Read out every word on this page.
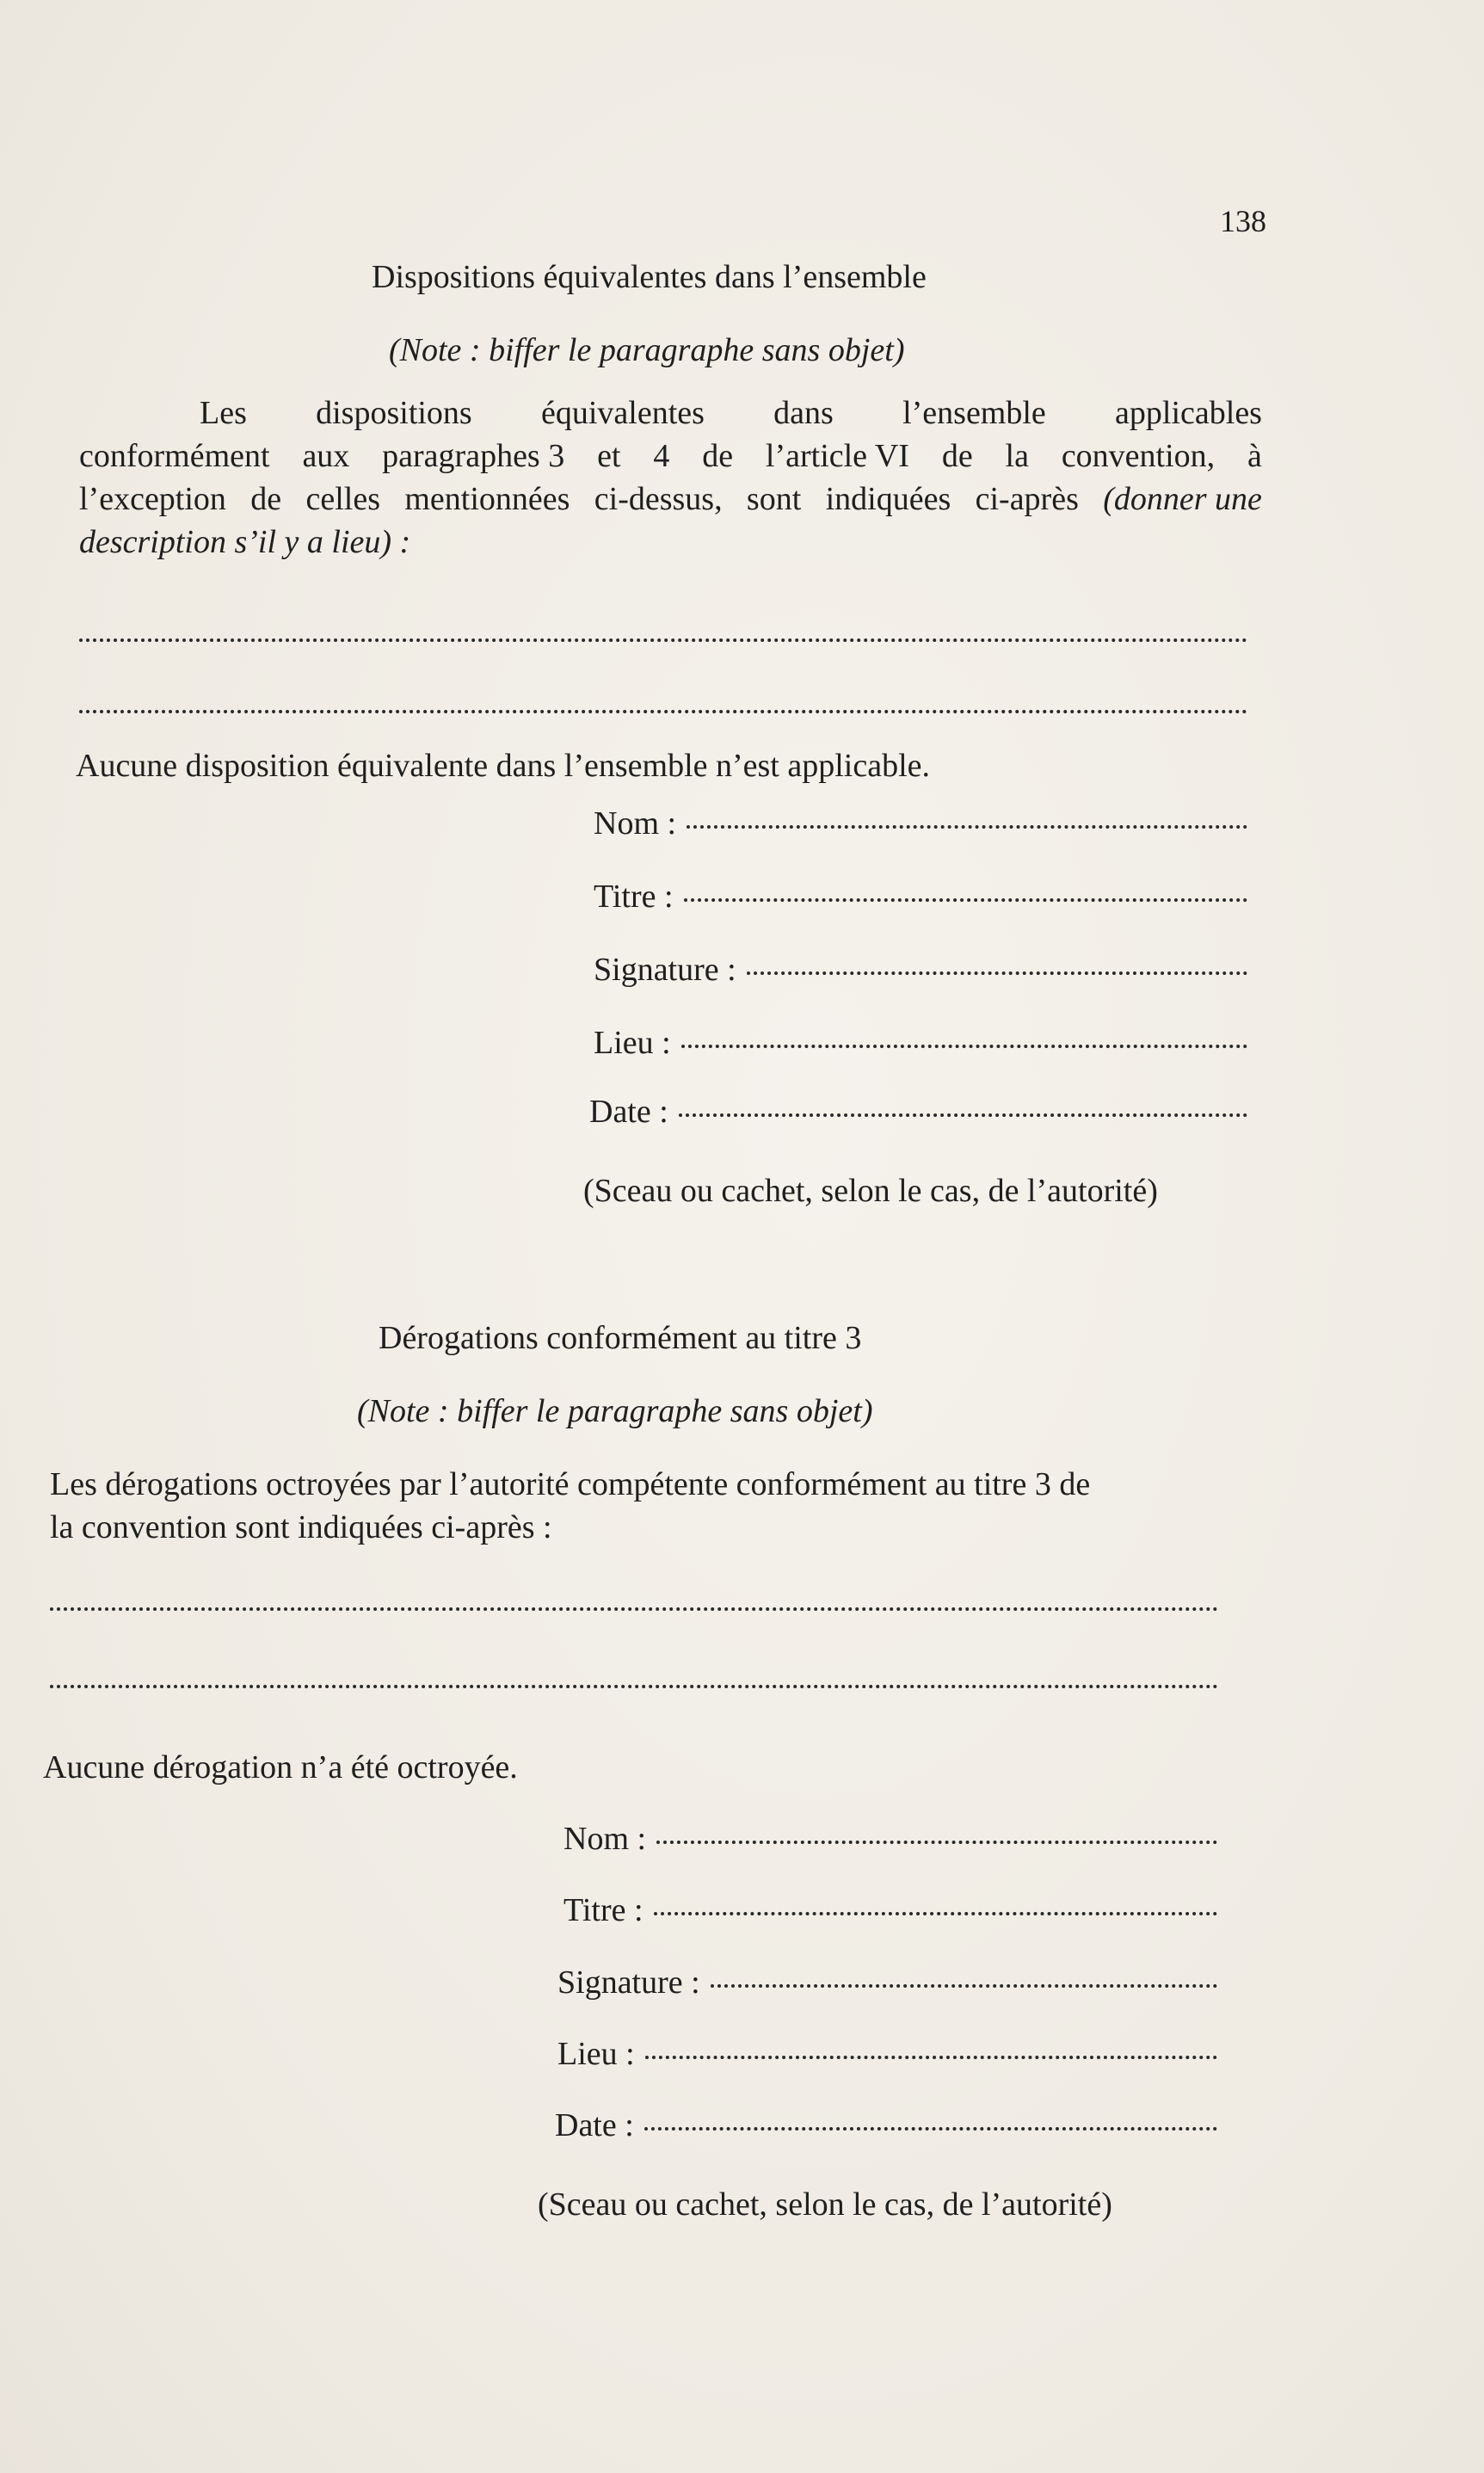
138
Dispositions équivalentes dans l’ensemble
(Note : biffer le paragraphe sans objet)
Les dispositions équivalentes dans l’ensemble applicables
conformément aux paragraphes 3 et 4 de l’article VI de la convention, à
l’exception de celles mentionnées ci-dessus, sont indiquées ci-après (donner une
description s’il y a lieu) :
Aucune disposition équivalente dans l’ensemble n’est applicable.
Nom :
Titre :
Signature :
Lieu :
Date :
(Sceau ou cachet, selon le cas, de l’autorité)
Dérogations conformément au titre 3
(Note : biffer le paragraphe sans objet)
Les dérogations octroyées par l’autorité compétente conformément au titre 3 de
la convention sont indiquées ci-après :
Aucune dérogation n’a été octroyée.
Nom :
Titre :
Signature :
Lieu :
Date :
(Sceau ou cachet, selon le cas, de l’autorité)
